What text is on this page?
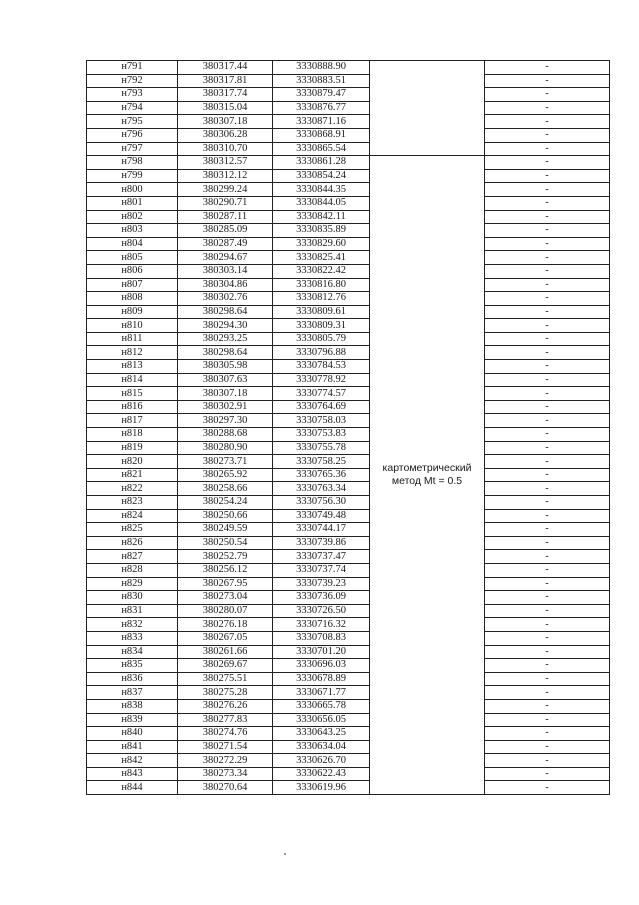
н791	380317.44	3330888.90		-
н792	380317.81	3330883.51		-
н793	380317.74	3330879.47		-
н794	380315.04	3330876.77		-
н795	380307.18	3330871.16		-
н796	380306.28	3330868.91		-
н797	380310.70	3330865.54		-
н798	380312.57	3330861.28	картометрический метод Mt = 0.5	-
н799	380312.12	3330854.24		-
н800	380299.24	3330844.35		-
н801	380290.71	3330844.05		-
н802	380287.11	3330842.11		-
н803	380285.09	3330835.89		-
н804	380287.49	3330829.60		-
н805	380294.67	3330825.41		-
н806	380303.14	3330822.42		-
н807	380304.86	3330816.80		-
н808	380302.76	3330812.76		-
н809	380298.64	3330809.61		-
н810	380294.30	3330809.31		-
н811	380293.25	3330805.79		-
н812	380298.64	3330796.88		-
н813	380305.98	3330784.53		-
н814	380307.63	3330778.92		-
н815	380307.18	3330774.57		-
н816	380302.91	3330764.69		-
н817	380297.30	3330758.03		-
н818	380288.68	3330753.83		-
н819	380280.90	3330755.78		-
н820	380273.71	3330758.25		-
н821	380265.92	3330765.36		-
н822	380258.66	3330763.34		-
н823	380254.24	3330756.30		-
н824	380250.66	3330749.48		-
н825	380249.59	3330744.17		-
н826	380250.54	3330739.86		-
н827	380252.79	3330737.47		-
н828	380256.12	3330737.74		-
н829	380267.95	3330739.23		-
н830	380273.04	3330736.09		-
н831	380280.07	3330726.50		-
н832	380276.18	3330716.32		-
н833	380267.05	3330708.83		-
н834	380261.66	3330701.20		-
н835	380269.67	3330696.03		-
н836	380275.51	3330678.89		-
н837	380275.28	3330671.77		-
н838	380276.26	3330665.78		-
н839	380277.83	3330656.05		-
н840	380274.76	3330643.25		-
н841	380271.54	3330634.04		-
н842	380272.29	3330626.70		-
н843	380273.34	3330622.43		-
н844	380270.64	3330619.96		-
